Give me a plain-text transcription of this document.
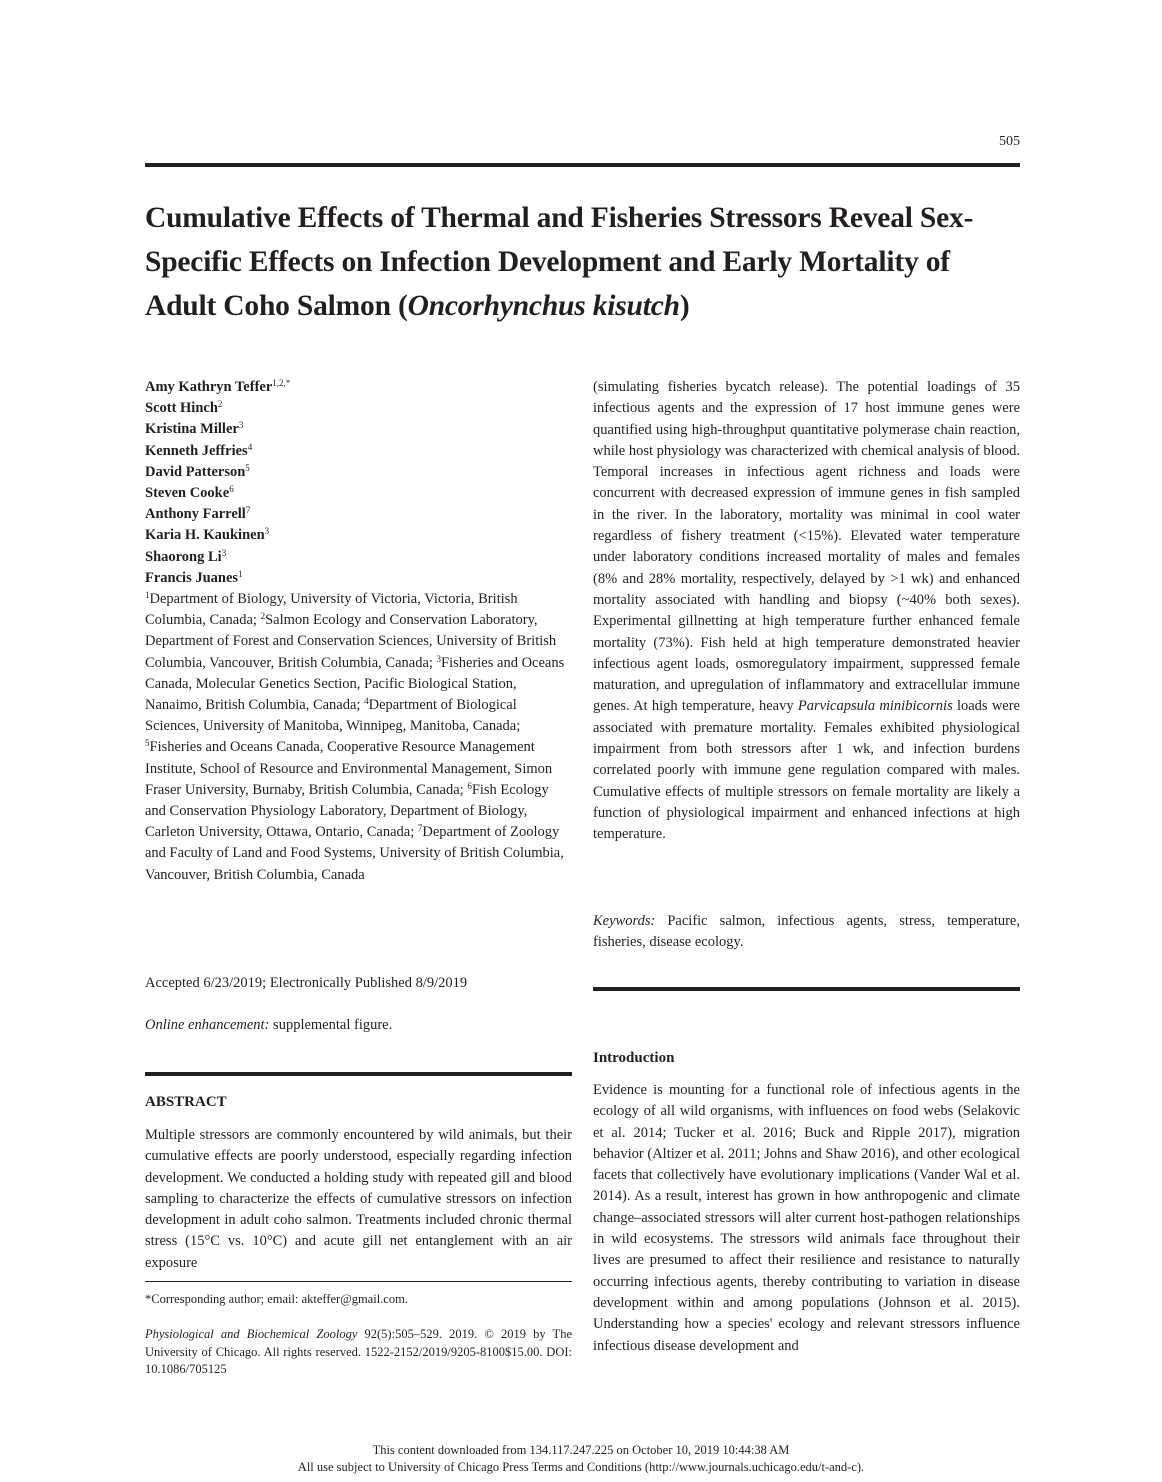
505
Cumulative Effects of Thermal and Fisheries Stressors Reveal Sex-Specific Effects on Infection Development and Early Mortality of Adult Coho Salmon (Oncorhynchus kisutch)
Amy Kathryn Teffer$^{1,2,*}$
Scott Hinch$^2$
Kristina Miller$^3$
Kenneth Jeffries$^4$
David Patterson$^5$
Steven Cooke$^6$
Anthony Farrell$^7$
Karia H. Kaukinen$^3$
Shaorong Li$^3$
Francis Juanes$^1$
$^1$Department of Biology, University of Victoria, Victoria, British Columbia, Canada; $^2$Salmon Ecology and Conservation Laboratory, Department of Forest and Conservation Sciences, University of British Columbia, Vancouver, British Columbia, Canada; $^3$Fisheries and Oceans Canada, Molecular Genetics Section, Pacific Biological Station, Nanaimo, British Columbia, Canada; $^4$Department of Biological Sciences, University of Manitoba, Winnipeg, Manitoba, Canada; $^5$Fisheries and Oceans Canada, Cooperative Resource Management Institute, School of Resource and Environmental Management, Simon Fraser University, Burnaby, British Columbia, Canada; $^6$Fish Ecology and Conservation Physiology Laboratory, Department of Biology, Carleton University, Ottawa, Ontario, Canada; $^7$Department of Zoology and Faculty of Land and Food Systems, University of British Columbia, Vancouver, British Columbia, Canada
Accepted 6/23/2019; Electronically Published 8/9/2019
Online enhancement: supplemental figure.
ABSTRACT
Multiple stressors are commonly encountered by wild animals, but their cumulative effects are poorly understood, especially regarding infection development. We conducted a holding study with repeated gill and blood sampling to characterize the effects of cumulative stressors on infection development in adult coho salmon. Treatments included chronic thermal stress (15°C vs. 10°C) and acute gill net entanglement with an air exposure
(simulating fisheries bycatch release). The potential loadings of 35 infectious agents and the expression of 17 host immune genes were quantified using high-throughput quantitative polymerase chain reaction, while host physiology was characterized with chemical analysis of blood. Temporal increases in infectious agent richness and loads were concurrent with decreased expression of immune genes in fish sampled in the river. In the laboratory, mortality was minimal in cool water regardless of fishery treatment (<15%). Elevated water temperature under laboratory conditions increased mortality of males and females (8% and 28% mortality, respectively, delayed by >1 wk) and enhanced mortality associated with handling and biopsy (~40% both sexes). Experimental gillnetting at high temperature further enhanced female mortality (73%). Fish held at high temperature demonstrated heavier infectious agent loads, osmoregulatory impairment, suppressed female maturation, and upregulation of inflammatory and extracellular immune genes. At high temperature, heavy Parvicapsula minibicornis loads were associated with premature mortality. Females exhibited physiological impairment from both stressors after 1 wk, and infection burdens correlated poorly with immune gene regulation compared with males. Cumulative effects of multiple stressors on female mortality are likely a function of physiological impairment and enhanced infections at high temperature.
Keywords: Pacific salmon, infectious agents, stress, temperature, fisheries, disease ecology.
Introduction
Evidence is mounting for a functional role of infectious agents in the ecology of all wild organisms, with influences on food webs (Selakovic et al. 2014; Tucker et al. 2016; Buck and Ripple 2017), migration behavior (Altizer et al. 2011; Johns and Shaw 2016), and other ecological facets that collectively have evolutionary implications (Vander Wal et al. 2014). As a result, interest has grown in how anthropogenic and climate change–associated stressors will alter current host-pathogen relationships in wild ecosystems. The stressors wild animals face throughout their lives are presumed to affect their resilience and resistance to naturally occurring infectious agents, thereby contributing to variation in disease development within and among populations (Johnson et al. 2015). Understanding how a species' ecology and relevant stressors influence infectious disease development and
*Corresponding author; email: akteffer@gmail.com.
Physiological and Biochemical Zoology 92(5):505–529. 2019. © 2019 by The University of Chicago. All rights reserved. 1522-2152/2019/9205-8100$15.00. DOI: 10.1086/705125
This content downloaded from 134.117.247.225 on October 10, 2019 10:44:38 AM
All use subject to University of Chicago Press Terms and Conditions (http://www.journals.uchicago.edu/t-and-c).
